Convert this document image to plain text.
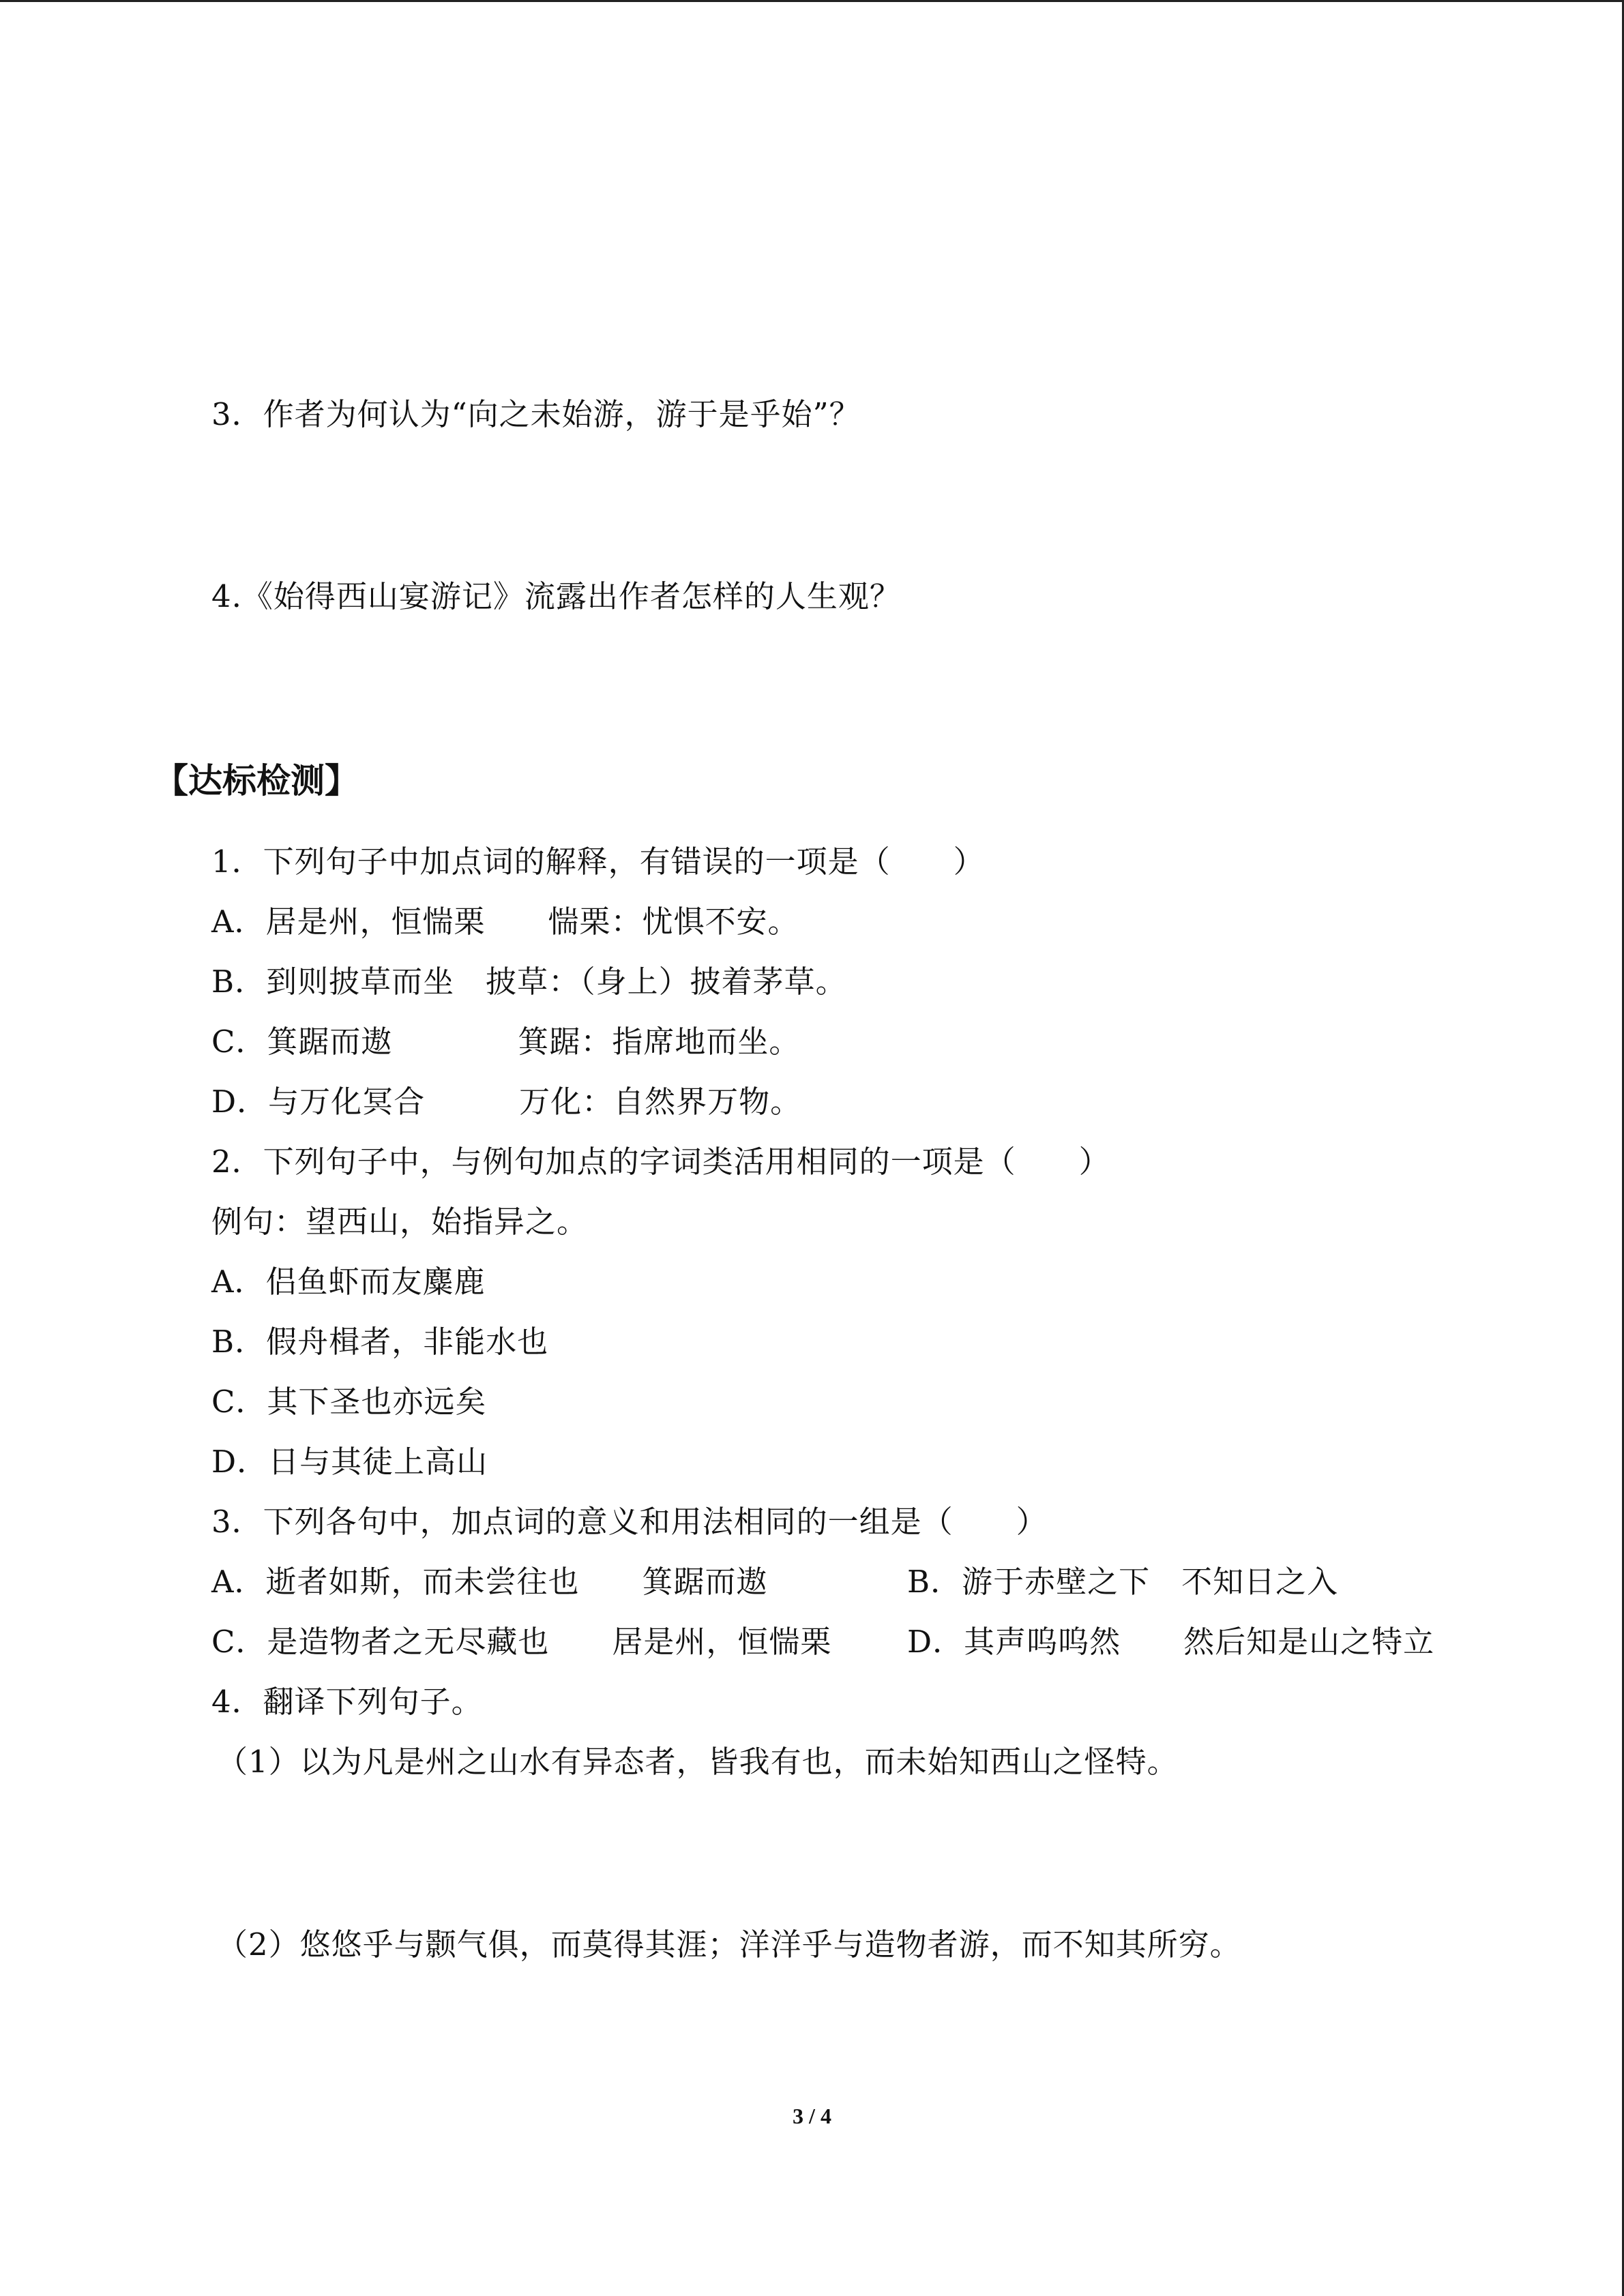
3．作者为何认为“向之未始游，游于是乎始”？
4.《始得西山宴游记》流露出作者怎样的人生观？
【达标检测】
1．下列句子中加点词的解释，有错误的一项是（　　）
A．居是州，恒惴栗　　惴栗：忧惧不安。
B．到则披草而坐　披草：（身上）披着茅草。
C．箕踞而遨　　　　箕踞：指席地而坐。
D．与万化冥合　　　万化：自然界万物。
2．下列句子中，与例句加点的字词类活用相同的一项是（　　）
例句：望西山，始指异之。
A．侣鱼虾而友麋鹿
B．假舟楫者，非能水也
C．其下圣也亦远矣
D．日与其徒上高山
3．下列各句中，加点词的意义和用法相同的一组是（　　）
A．逝者如斯，而未尝往也　　箕踞而遨	B．游于赤壁之下　不知日之入
C．是造物者之无尽藏也　　居是州，恒惴栗 D．其声呜呜然　　然后知是山之特立
4．翻译下列句子。
（1）以为凡是州之山水有异态者，皆我有也，而未始知西山之怪特。
（2）悠悠乎与颢气俱，而莫得其涯；洋洋乎与造物者游，而不知其所穷。
3 / 4
